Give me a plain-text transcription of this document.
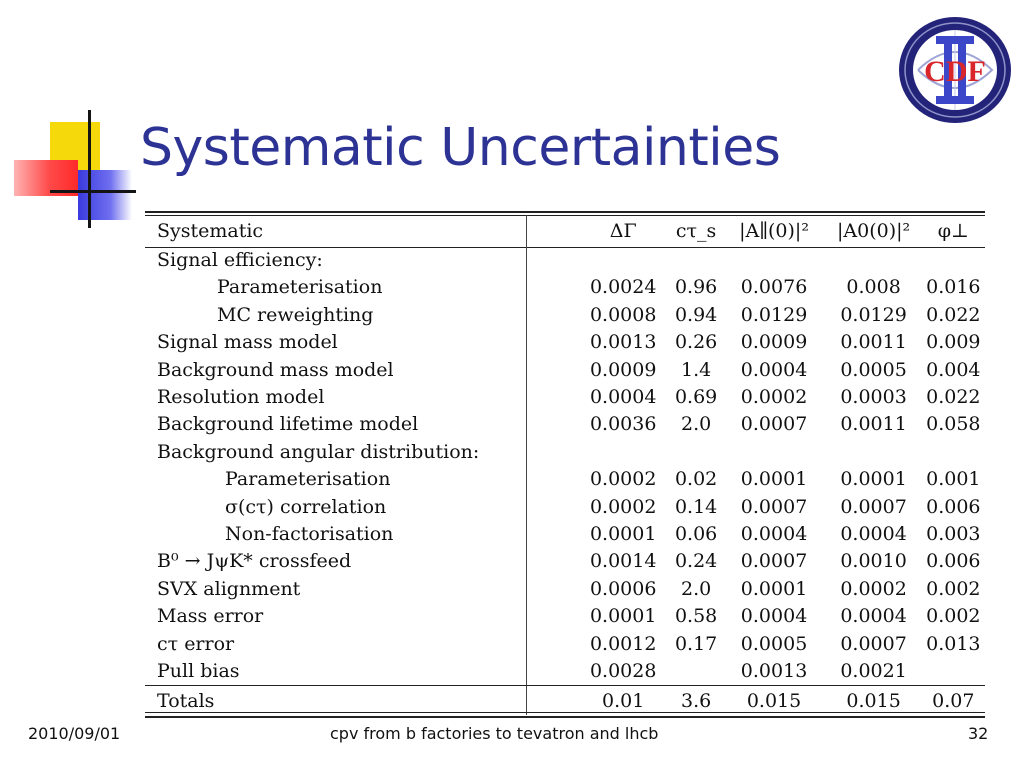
Systematic Uncertainties
CDF
Systematic	ΔΓ	cτ_s	|A∥(0)|²	|A0(0)|²	φ⊥
Signal efficiency:					
Parameterisation	0.0024	0.96	0.0076	0.008	0.016
MC reweighting	0.0008	0.94	0.0129	0.0129	0.022
Signal mass model	0.0013	0.26	0.0009	0.0011	0.009
Background mass model	0.0009	1.4	0.0004	0.0005	0.004
Resolution model	0.0004	0.69	0.0002	0.0003	0.022
Background lifetime model	0.0036	2.0	0.0007	0.0011	0.058
Background angular distribution:					
Parameterisation	0.0002	0.02	0.0001	0.0001	0.001
σ(cτ) correlation	0.0002	0.14	0.0007	0.0007	0.006
Non-factorisation	0.0001	0.06	0.0004	0.0004	0.003
B⁰ → JψK* crossfeed	0.0014	0.24	0.0007	0.0010	0.006
SVX alignment	0.0006	2.0	0.0001	0.0002	0.002
Mass error	0.0001	0.58	0.0004	0.0004	0.002
cτ error	0.0012	0.17	0.0005	0.0007	0.013
Pull bias	0.0028		0.0013	0.0021	
Totals	0.01	3.6	0.015	0.015	0.07
2010/09/01	cpv from b factories to tevatron and lhcb	32
